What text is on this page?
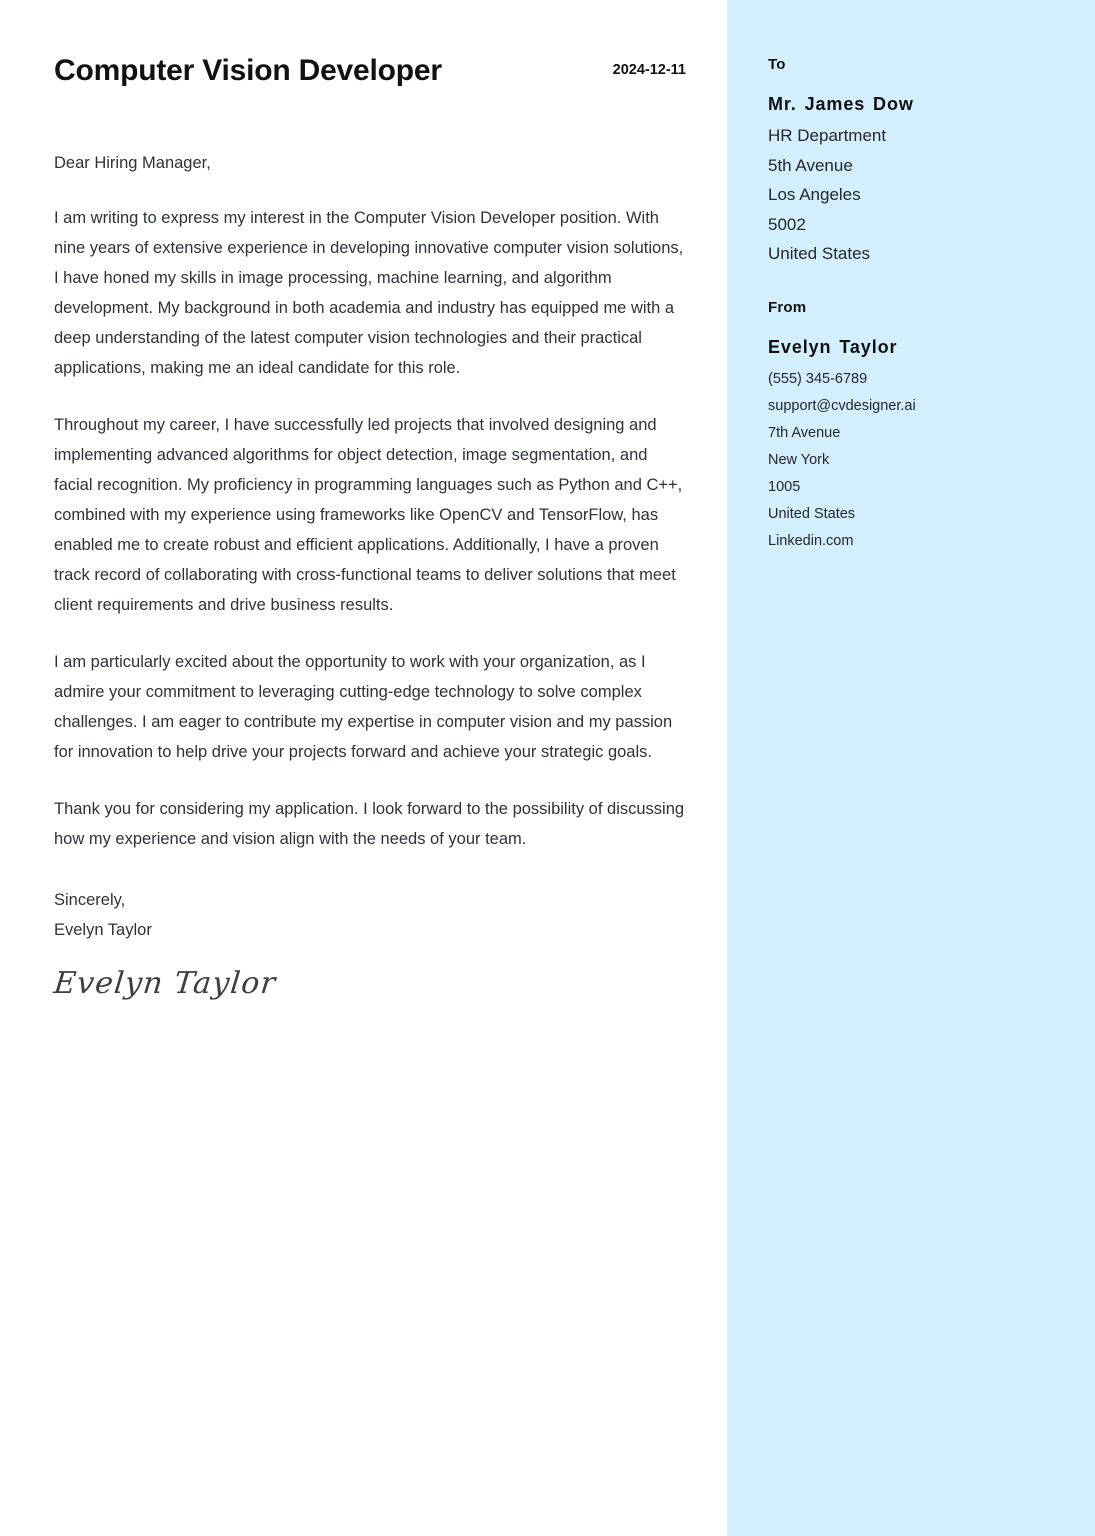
Computer Vision Developer	2024-12-11

Dear Hiring Manager,

I am writing to express my interest in the Computer Vision Developer position. With nine years of extensive experience in developing innovative computer vision solutions, I have honed my skills in image processing, machine learning, and algorithm development. My background in both academia and industry has equipped me with a deep understanding of the latest computer vision technologies and their practical applications, making me an ideal candidate for this role.

Throughout my career, I have successfully led projects that involved designing and implementing advanced algorithms for object detection, image segmentation, and facial recognition. My proficiency in programming languages such as Python and C++, combined with my experience using frameworks like OpenCV and TensorFlow, has enabled me to create robust and efficient applications. Additionally, I have a proven track record of collaborating with cross-functional teams to deliver solutions that meet client requirements and drive business results.

I am particularly excited about the opportunity to work with your organization, as I admire your commitment to leveraging cutting-edge technology to solve complex challenges. I am eager to contribute my expertise in computer vision and my passion for innovation to help drive your projects forward and achieve your strategic goals.

Thank you for considering my application. I look forward to the possibility of discussing how my experience and vision align with the needs of your team.

Sincerely,
Evelyn Taylor
Evelyn Taylor
To
Mr. James Dow
HR Department
5th Avenue
Los Angeles
5002
United States
From
Evelyn Taylor
(555) 345-6789
support@cvdesigner.ai
7th Avenue
New York
1005
United States
Linkedin.com
